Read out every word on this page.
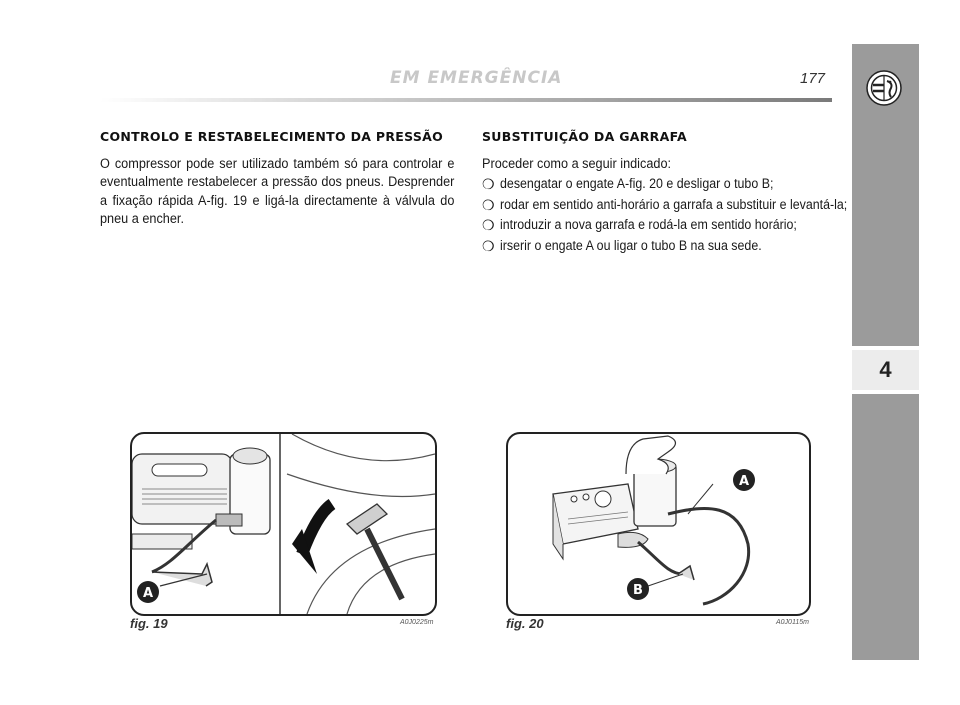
EM EMERGÊNCIA	177
4
CONTROLO E RESTABELECIMENTO DA PRESSÃO

O compressor pode ser utilizado também só para controlar e eventualmente restabelecer a pressão dos pneus. Desprender a fixação rápida A-fig. 19 e ligá-la directamente à válvula do pneu a encher.

SUBSTITUIÇÃO DA GARRAFA

Proceder como a seguir indicado:

❍ desengatar o engate A-fig. 20 e desligar o tubo B;
❍ rodar em sentido anti-horário a garrafa a substituir e levantá-la;
❍ introduzir a nova garrafa e rodá-la em sentido horário;
❍ irserir o engate A ou ligar o tubo B na sua sede.
A
fig. 19	A0J0225m
A
B
fig. 20	A0J0115m
